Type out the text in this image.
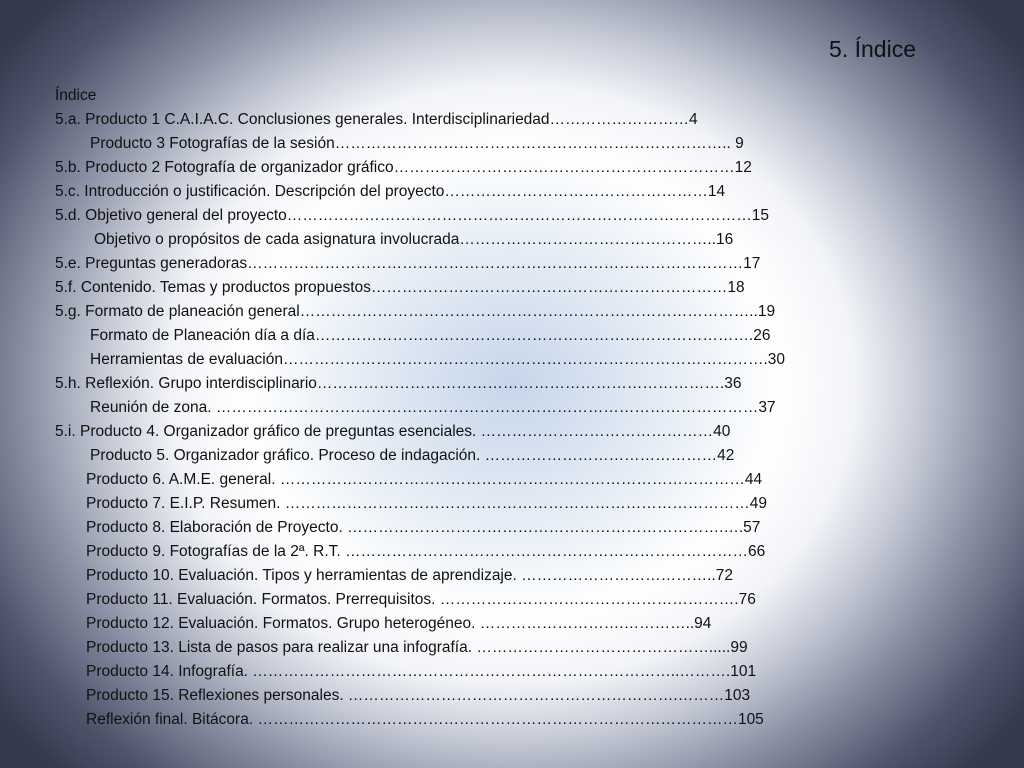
5. Índice
Índice
5.a. Producto 1 C.A.I.A.C. Conclusiones generales. Interdisciplinariedad………………………4
Producto 3 Fotografías de la sesión………………………………………………………………….. 9
5.b. Producto 2 Fotografía de organizador gráfico…………………………………………………………12
5.c. Introducción o justificación. Descripción del proyecto……………………………………………14
5.d. Objetivo general del proyecto………………………………………………………………………………15
Objetivo o propósitos de cada asignatura involucrada…………………………………………..16
5.e. Preguntas generadoras……………………………………………………………………………………17
5.f. Contenido. Temas y productos propuestos……………………………………………………………18
5.g. Formato de planeación general……………………………………………………………………………..19
Formato de Planeación día a día………………………………………………………………………….26
Herramientas de evaluación………………………………………………………………………………….30
5.h. Reflexión. Grupo interdisciplinario…………………………………………………………………….36
Reunión de zona. ……………………………………………………………………………………………37
5.i. Producto 4. Organizador gráfico de preguntas esenciales. ………………………………………40
Producto 5. Organizador gráfico. Proceso de indagación. ………………………………………42
Producto 6. A.M.E. general. ………………………………………………………………………………44
Producto 7. E.I.P. Resumen. ………………………………………………………………………………49
Producto 8. Elaboración de Proyecto. ……………………………………………………………….….57
Producto 9. Fotografías de la 2ª. R.T. ……………………………………………………………………66
Producto 10. Evaluación. Tipos y herramientas de aprendizaje. ………………………………..72
Producto 11. Evaluación. Formatos. Prerrequisitos. ………………………………………………….76
Producto 12. Evaluación. Formatos. Grupo heterogéneo. ……………………….…………..94
Producto 13. Lista de pasos para realizar una infografía. ……………………………………….....99
Producto 14. Infografía. ………………………………………………………………………..……….101
Producto 15. Reflexiones personales. ……………………………………………………….………103
Reflexión final. Bitácora. …………………………………………………………………………………105
